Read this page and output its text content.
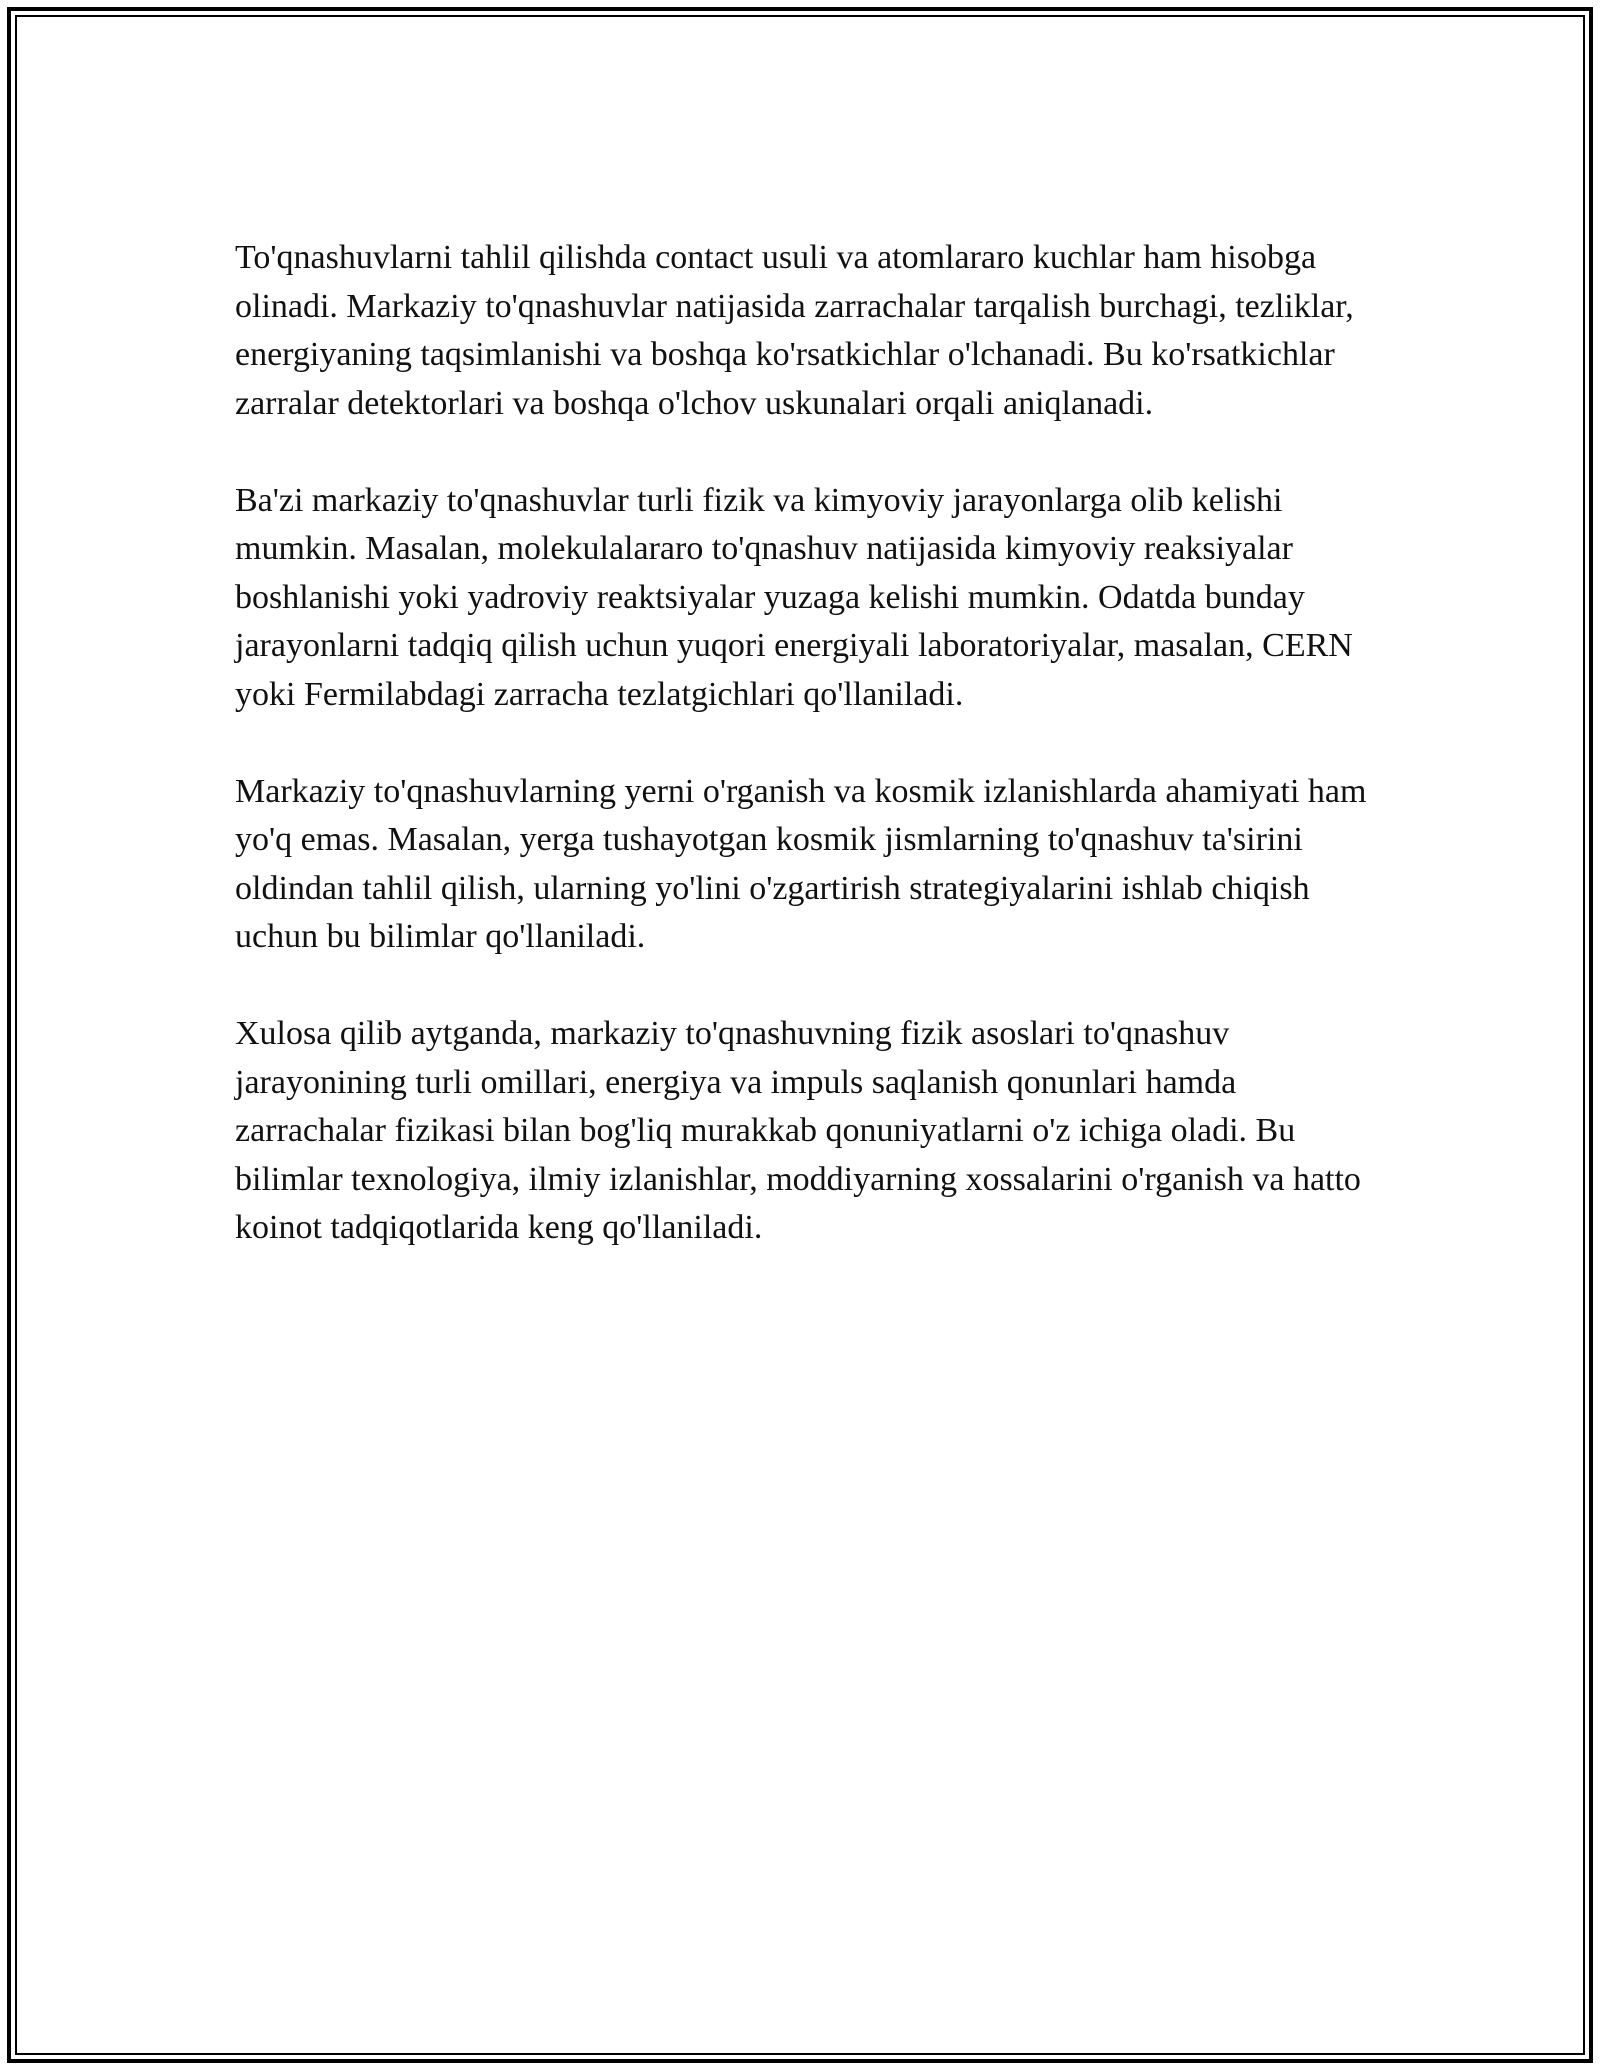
To'qnashuvlarni tahlil qilishda contact usuli va atomlararo kuchlar ham hisobga olinadi. Markaziy to'qnashuvlar natijasida zarrachalar tarqalish burchagi, tezliklar, energiyaning taqsimlanishi va boshqa ko'rsatkichlar o'lchanadi. Bu ko'rsatkichlar zarralar detektorlari va boshqa o'lchov uskunalari orqali aniqlanadi.

Ba'zi markaziy to'qnashuvlar turli fizik va kimyoviy jarayonlarga olib kelishi mumkin. Masalan, molekulalararo to'qnashuv natijasida kimyoviy reaksiyalar boshlanishi yoki yadroviy reaktsiyalar yuzaga kelishi mumkin. Odatda bunday jarayonlarni tadqiq qilish uchun yuqori energiyali laboratoriyalar, masalan, CERN yoki Fermilabdagi zarracha tezlatgichlari qo'llaniladi.

Markaziy to'qnashuvlarning yerni o'rganish va kosmik izlanishlarda ahamiyati ham yo'q emas. Masalan, yerga tushayotgan kosmik jismlarning to'qnashuv ta'sirini oldindan tahlil qilish, ularning yo'lini o'zgartirish strategiyalarini ishlab chiqish uchun bu bilimlar qo'llaniladi.

Xulosa qilib aytganda, markaziy to'qnashuvning fizik asoslari to'qnashuv jarayonining turli omillari, energiya va impuls saqlanish qonunlari hamda zarrachalar fizikasi bilan bog'liq murakkab qonuniyatlarni o'z ichiga oladi. Bu bilimlar texnologiya, ilmiy izlanishlar, moddiyarning xossalarini o'rganish va hatto koinot tadqiqotlarida keng qo'llaniladi.
